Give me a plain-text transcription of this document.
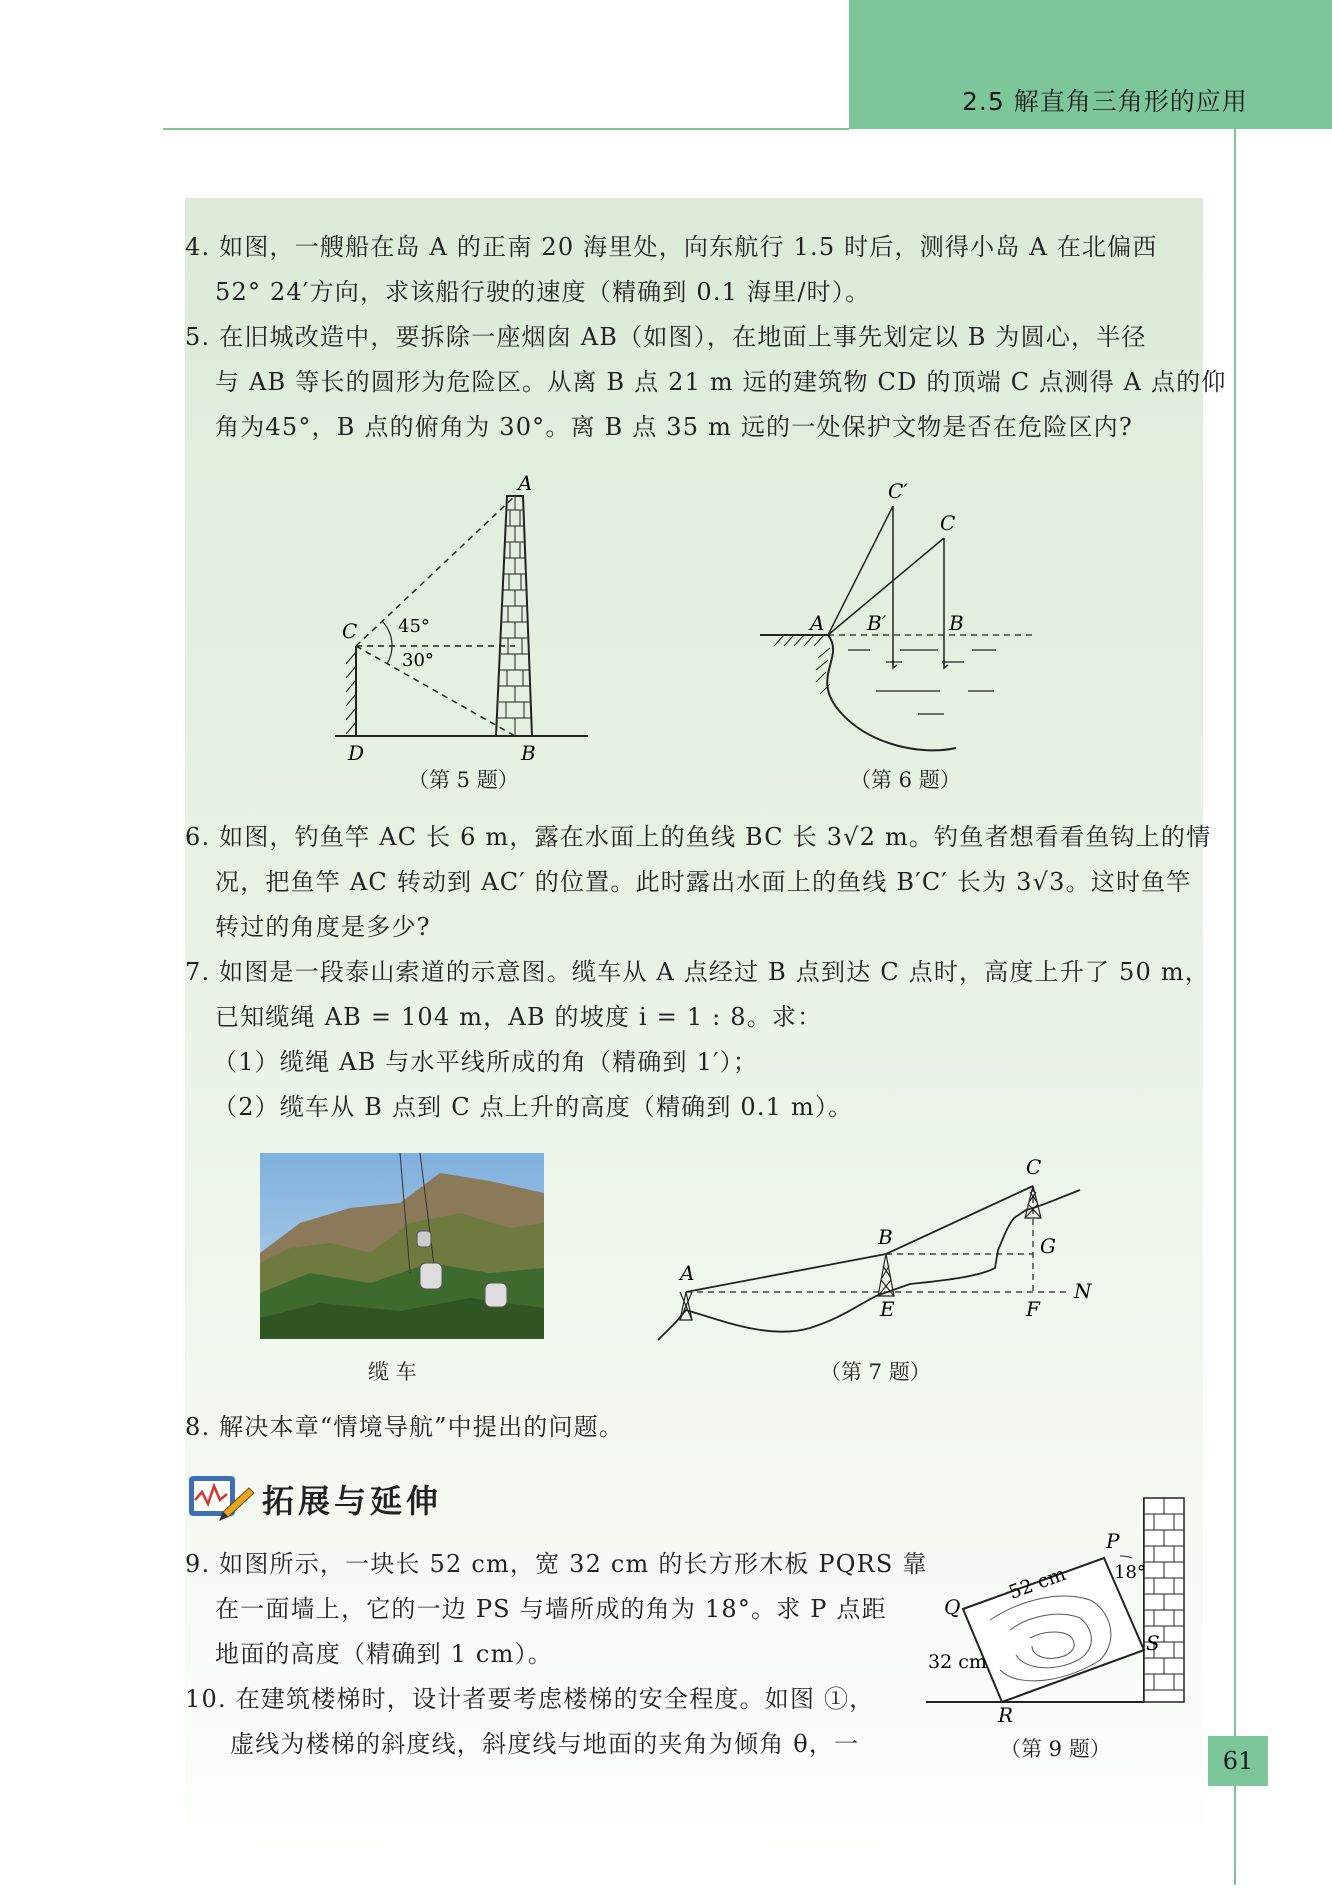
2.5 解直角三角形的应用
4. 如图，一艘船在岛 A 的正南 20 海里处，向东航行 1.5 时后，测得小岛 A 在北偏西
52° 24′方向，求该船行驶的速度（精确到 0.1 海里/时）。
5. 在旧城改造中，要拆除一座烟囱 AB（如图），在地面上事先划定以 B 为圆心，半径
与 AB 等长的圆形为危险区。从离 B 点 21 m 远的建筑物 CD 的顶端 C 点测得 A 点的仰
角为45°，B 点的俯角为 30°。离 B 点 35 m 远的一处保护文物是否在危险区内?
A
C
D	B
45°
30°
（第 5 题）
C′
C
A B′	B
（第 6 题）
6. 如图，钓鱼竿 AC 长 6 m，露在水面上的鱼线 BC 长 3√2 m。钓鱼者想看看鱼钩上的情
况，把鱼竿 AC 转动到 AC′ 的位置。此时露出水面上的鱼线 B′C′ 长为 3√3。这时鱼竿
转过的角度是多少?
7. 如图是一段泰山索道的示意图。缆车从 A 点经过 B 点到达 C 点时，高度上升了 50 m，
已知缆绳 AB = 104 m，AB 的坡度 i = 1 : 8。求：
（1）缆绳 AB 与水平线所成的角（精确到 1′）；
（2）缆车从 B 点到 C 点上升的高度（精确到 0.1 m）。
缆 车
A
B
C
E	F
G
N
（第 7 题）
8. 解决本章“情境导航”中提出的问题。
拓展与延伸
9. 如图所示，一块长 52 cm，宽 32 cm 的长方形木板 PQRS 靠
在一面墙上，它的一边 PS 与墙所成的角为 18°。求 P 点距
地面的高度（精确到 1 cm）。
10. 在建筑楼梯时，设计者要考虑楼梯的安全程度。如图 ①，
虚线为楼梯的斜度线，斜度线与地面的夹角为倾角 θ，一
P
Q
R
S
52 cm
32 cm
18°
（第 9 题）	61
